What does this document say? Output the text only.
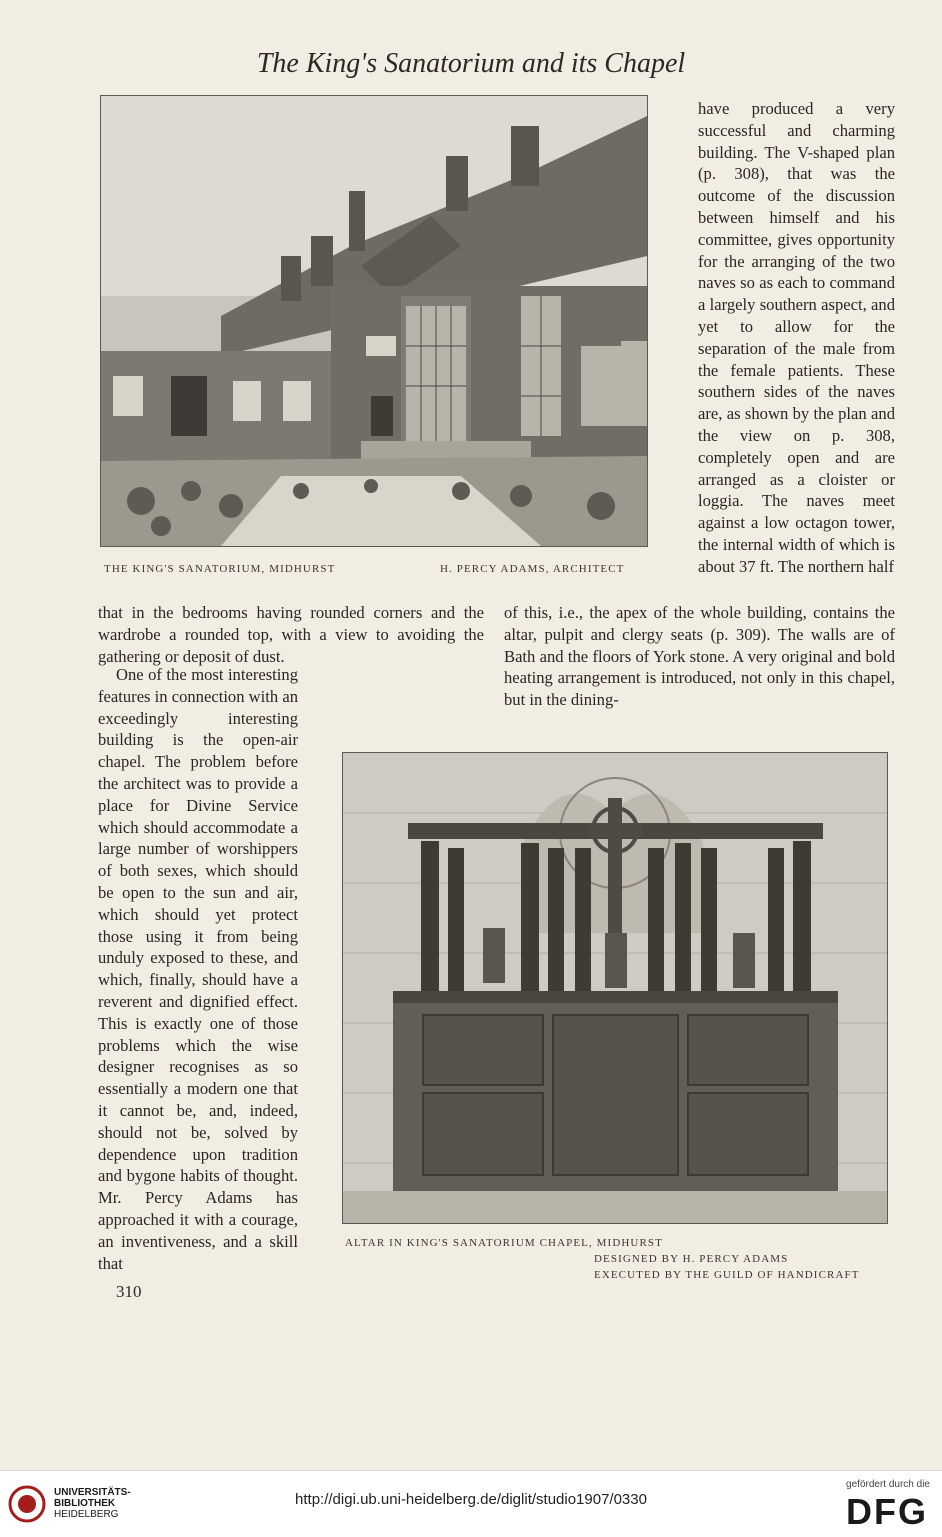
The King's Sanatorium and its Chapel
THE KING'S SANATORIUM, MIDHURST	H. PERCY ADAMS, ARCHITECT

have produced a very successful and charming building. The V-shaped plan (p. 308), that was the outcome of the discussion between himself and his committee, gives opportunity for the arranging of the two naves so as each to command a largely southern aspect, and yet to allow for the separation of the male from the female patients. These southern sides of the naves are, as shown by the plan and the view on p. 308, completely open and are arranged as a cloister or loggia. The naves meet against a low octagon tower, the internal width of which is about 37 ft. The northern half

that in the bedrooms having rounded corners and the wardrobe a rounded top, with a view to avoiding the gathering or deposit of dust.

of this, i.e., the apex of the whole building, contains the altar, pulpit and clergy seats (p. 309). The walls are of Bath and the floors of York stone. A very original and bold heating arrangement is introduced, not only in this chapel, but in the dining-

One of the most interesting features in connection with an exceedingly interesting building is the open-air chapel. The problem before the architect was to provide a place for Divine Service which should accommodate a large number of worshippers of both sexes, which should be open to the sun and air, which should yet protect those using it from being unduly exposed to these, and which, finally, should have a reverent and dignified effect. This is exactly one of those problems which the wise designer recognises as so essentially a modern one that it cannot be, and, indeed, should not be, solved by dependence upon tradition and bygone habits of thought. Mr. Percy Adams has approached it with a courage, an inventiveness, and a skill that

ALTAR IN KING'S SANATORIUM CHAPEL, MIDHURST
DESIGNED BY H. PERCY ADAMS
EXECUTED BY THE GUILD OF HANDICRAFT
310
UNIVERSITÄTS-
BIBLIOTHEK
HEIDELBERG
http://digi.ub.uni-heidelberg.de/diglit/studio1907/0330
gefördert durch die
DFG
